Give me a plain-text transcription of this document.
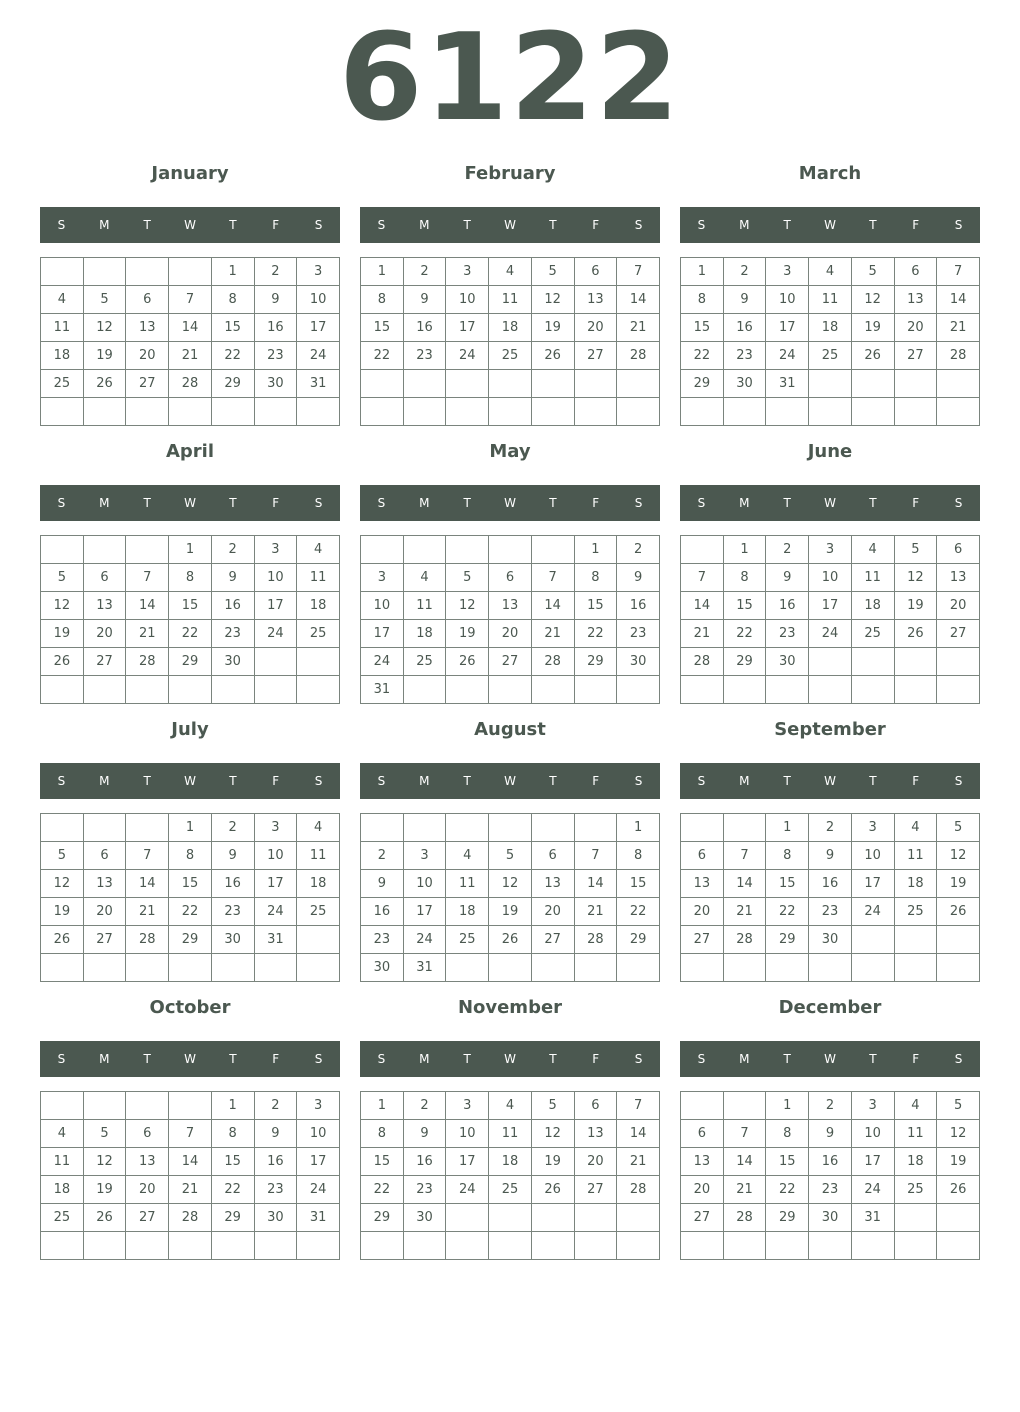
6122
January
S	M	T	W	T	F	S
				1	2	3
4	5	6	7	8	9	10
11	12	13	14	15	16	17
18	19	20	21	22	23	24
25	26	27	28	29	30	31

February
S	M	T	W	T	F	S
1	2	3	4	5	6	7
8	9	10	11	12	13	14
15	16	17	18	19	20	21
22	23	24	25	26	27	28

March
S	M	T	W	T	F	S
1	2	3	4	5	6	7
8	9	10	11	12	13	14
15	16	17	18	19	20	21
22	23	24	25	26	27	28
29	30	31				

April
S	M	T	W	T	F	S
			1	2	3	4
5	6	7	8	9	10	11
12	13	14	15	16	17	18
19	20	21	22	23	24	25
26	27	28	29	30		

May
S	M	T	W	T	F	S
					1	2
3	4	5	6	7	8	9
10	11	12	13	14	15	16
17	18	19	20	21	22	23
24	25	26	27	28	29	30
31						
June
S	M	T	W	T	F	S
	1	2	3	4	5	6
7	8	9	10	11	12	13
14	15	16	17	18	19	20
21	22	23	24	25	26	27
28	29	30				

July
S	M	T	W	T	F	S
			1	2	3	4
5	6	7	8	9	10	11
12	13	14	15	16	17	18
19	20	21	22	23	24	25
26	27	28	29	30	31	

August
S	M	T	W	T	F	S
						1
2	3	4	5	6	7	8
9	10	11	12	13	14	15
16	17	18	19	20	21	22
23	24	25	26	27	28	29
30	31					
September
S	M	T	W	T	F	S
		1	2	3	4	5
6	7	8	9	10	11	12
13	14	15	16	17	18	19
20	21	22	23	24	25	26
27	28	29	30			

October
S	M	T	W	T	F	S
				1	2	3
4	5	6	7	8	9	10
11	12	13	14	15	16	17
18	19	20	21	22	23	24
25	26	27	28	29	30	31

November
S	M	T	W	T	F	S
1	2	3	4	5	6	7
8	9	10	11	12	13	14
15	16	17	18	19	20	21
22	23	24	25	26	27	28
29	30					

December
S	M	T	W	T	F	S
		1	2	3	4	5
6	7	8	9	10	11	12
13	14	15	16	17	18	19
20	21	22	23	24	25	26
27	28	29	30	31		
